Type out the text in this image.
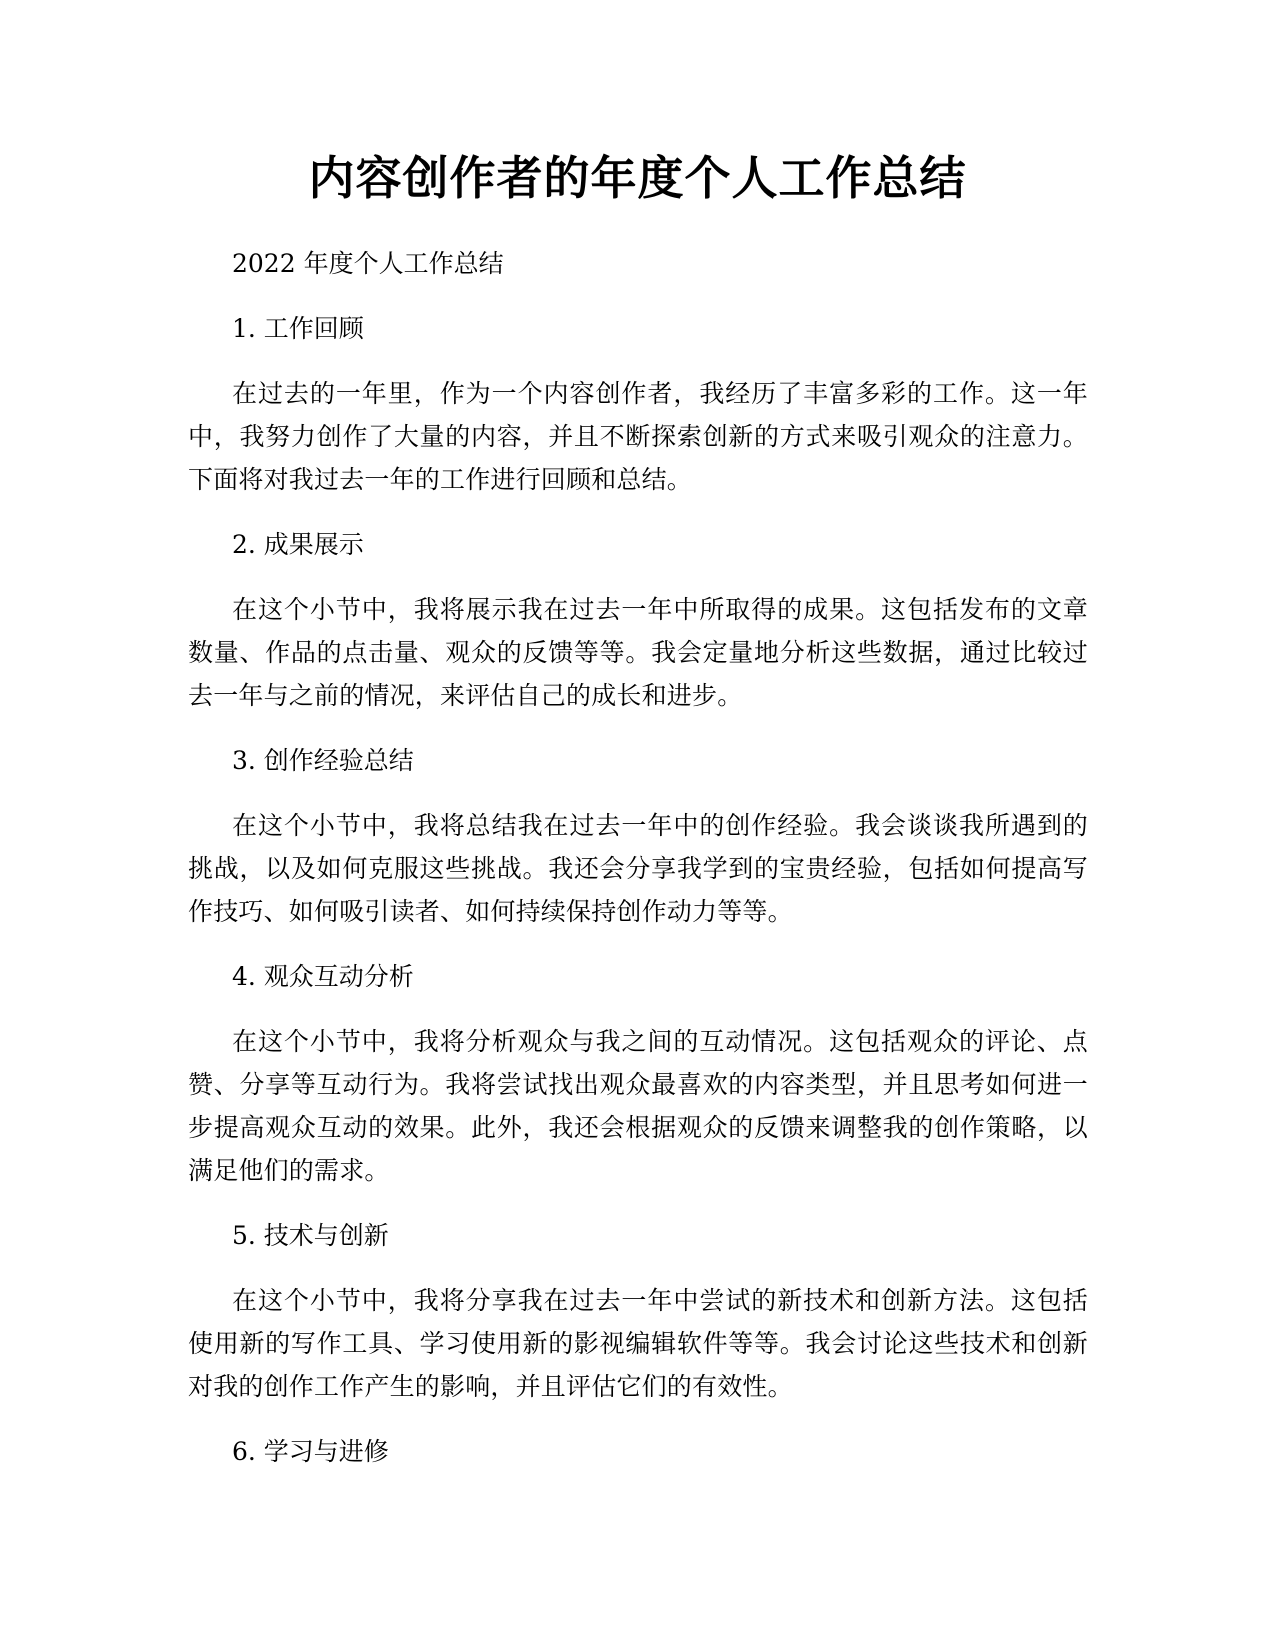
内容创作者的年度个人工作总结

2022 年度个人工作总结

1. 工作回顾

在过去的一年里，作为一个内容创作者，我经历了丰富多彩的工作。这一年中，我努力创作了大量的内容，并且不断探索创新的方式来吸引观众的注意力。下面将对我过去一年的工作进行回顾和总结。

2. 成果展示

在这个小节中，我将展示我在过去一年中所取得的成果。这包括发布的文章数量、作品的点击量、观众的反馈等等。我会定量地分析这些数据，通过比较过去一年与之前的情况，来评估自己的成长和进步。

3. 创作经验总结

在这个小节中，我将总结我在过去一年中的创作经验。我会谈谈我所遇到的挑战，以及如何克服这些挑战。我还会分享我学到的宝贵经验，包括如何提高写作技巧、如何吸引读者、如何持续保持创作动力等等。

4. 观众互动分析

在这个小节中，我将分析观众与我之间的互动情况。这包括观众的评论、点赞、分享等互动行为。我将尝试找出观众最喜欢的内容类型，并且思考如何进一步提高观众互动的效果。此外，我还会根据观众的反馈来调整我的创作策略，以满足他们的需求。

5. 技术与创新

在这个小节中，我将分享我在过去一年中尝试的新技术和创新方法。这包括使用新的写作工具、学习使用新的影视编辑软件等等。我会讨论这些技术和创新对我的创作工作产生的影响，并且评估它们的有效性。

6. 学习与进修
